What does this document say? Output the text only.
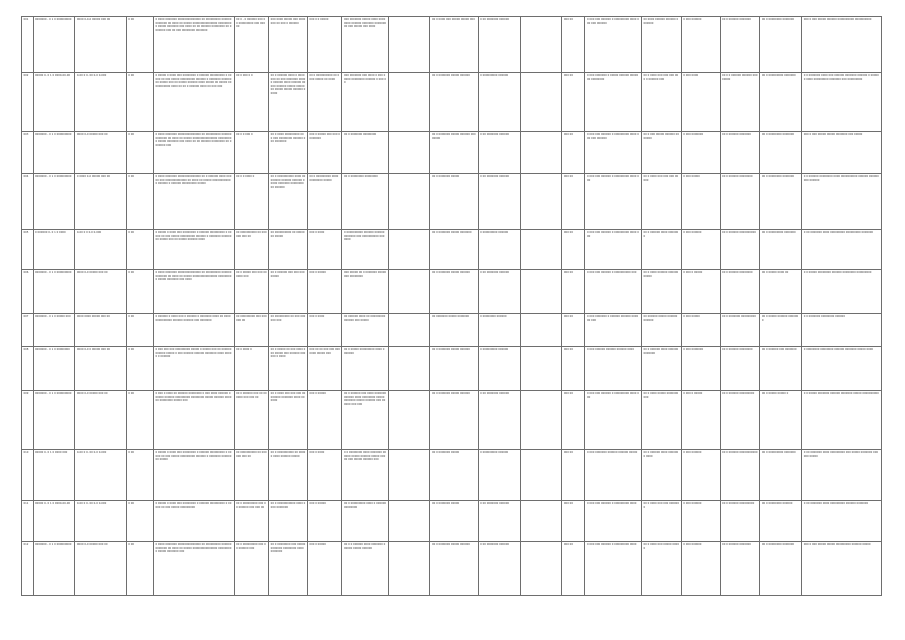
001	0000000 - 0 1 0 000000000	0000 0-0-0 00000 000 00	0 00	0 0000 0000000 00000000000000 00 000000000 0000000000000 00 0000 00 00000 000000000000000 000000000 00000 0000000 000 0000 00 00 000000 00000000 00 0000000 000 00 000 00000000 0000000	00 0 - 0 000000 000 00 000000000 000 000 00	000 0000 00000 000 0000 000 00 000 0 000000	000 0 0 00000	000 0000000 00000 0000 00000000 000000 0000000 000000000 000 00000 000 0000		00 0 0000 000 00000 00000 000	0 00 0000000 000000		000 00	0 000 000 000000 0 000000000 0000 000 000 000000	00 0000 000000 000000 0000000	0 000 000000	00 0 000000 0000000	00 0 00000000 0000000	000 0 000 00000 000000 0000000000 0000000000

002	00000 0- 0 1 0 0000-00-00	0-00 0 0- 00 0-0 0-000	0 00	0 00000 0 0000 000 00000000 0 000000 000000000 0 00000 00 000 00000 000000000 000000 0 0000000 00000000 00000 000 00 00000 000000 0000 00000 00 00000 00000000000 0000 00 00 0 000000 0000 00 000 000	00 0 000 0 0	00 0 000000 0000 0 0000000 00 000 0000000 00000 000000 0000 000000 00000 000000 00000 00000 00 00000 00000 000000 00000	00 0 0000000000 00 0 000 00000 00 0000	000 0000000 000 0000 0 000 00000 00000000 000000 0 000 00		00 0 0000000 00000 000000	0 000000000 000000		000 00	0 000 0000000 0 00000 000000 0000000 00000000	00 0 0000 000 000 000 000 0 000000 000	0 000 0000	00 0 0 000000 000000 00000000	00 0 000000000 0000000	0 0 0000000 0000 000 000000 0000000 000000 0 000000 0000 000000000 0000000 000 000000000

003	0000000 - 0 1 0 000000000	0000 0-0 00000 000 00	0 00	0 0000 0000000 00000000000000 00 000000000 0000000000000 00 0000 00 00000 000000000000000 000000000 00000 0000000 000 0000 00 00 000000 00000000 00 0000000 000	00 0 0 000 0	00 0 0000 000000000 00 0 000 00000000 000000 000 0000000	000 0 00000 000 000 00000000	00 0 0000000 00000000		00 0 0000000 00000 000000 00000000	0 00 0000000 000000		000 00	0 000 000 000000 0 000000000 0000 000 000 000000	00 0 000 00000 000000 0000000	0 000 0000000	00 0 000000 0000000	00 0 00000000 0000000	000 0 000 00000 00000 0000000 000 00000

004	0000000 - 0 1 0 000000000	0 0000 0-0 00000 000 00	0 00	0 0000 0000000 00000000000000 00 0 000000 0000 00000 000 0000000000000 00 0000 00 00000 000000000000 000000 0 000000 000000000 00000	00 0 0 0000 0	00 0 0000000000 0000 00000000 000000 000000 00000 0000000 00000000 00 000000	00 0 000000000 0000 00000000 00000	00 0 00000000 00000000		00 0 0000000 00000	0 00 0000000 000000		000 00	0 000 000 000000 0 000000000 0000 000	00 0 0000 000 000 000 00000	0 000 00000	00 0 000000 00000000	00 0 00000000 0000000	0 0 000000 00000000 0000 0000000000 000000 000000000 000000

005	0 000000 0- 0 1 0 0000	0-00 0 0 0-0 0-000	0 00	0 00000 0 0000 000 00000000 0 000000 000000000 0 00000 00 000 00000 000000000 000000 0 0000000 00000000 00000 000 00 00000 000000 0000	00 0000000000 00 000000 000 00	00 0000000000 00 0000000 00000	000 0 0000	0 0000000000 000000 000000 0000000 000 0000000000 000 0000		00 0 0000000 00000 0000000	0 000000000 000000		000 00	0 000 000 000000 0 000000000 0000 000	00 0 000000 0000 0000000	0 000 000000	00 0 000000 0000000000	00 0 000000000 0000000	0 00 0000000 0000 000000000 000000000 0000000

006	0000000 - 0 1 0 000000000	0000 0-0 00000 000 00	0 00	0 0000 0000000 00000000000000 00 000000000 0000000000000 00 0000 00 00000 000000000000000 000000000 00000 0000000 000 0000	00 0 00000 000 000 000000 000	00 0 000000 000 000 000 00000	000 0 00000	000 00000 00 0 0000000 00000000 00000000		00 0 0000000 00000 000000	0 00 0000000 000000		000 00	0 000 000 000000 0 0000000000 000	00 0 0000 000000 000000 00000	0 000 0 00000	00 0 000000 00000000	00 0 00000 0000 00	0 0 00000 00000000 000000 00000000 000000000

007	0000000 - 0 1 0 00000 000	0000 0000 00000 000 00	0 00	0 000000 0 0000 000 0 000000 0 0000000 0000 00 00000000000000 000000 000000 000 0000000	00 000000000 000 000000 00	00 000000000 00 000 000000 000	000 0 0000	00 000000 0000 00 000000000 000000 000 00000		00 0000000 00000 0000000	0 00000000 000000		000 00	0 000 0000000 0 000000 000000 0000 00 000	00 000000 00000 000000 000000	0 000 00000	00 0 0000000 000000000	00 0 00000 000000 0000000	0 0 0000000 00000000 000000

008	0000000 - 0 1 0 00000000	0000 0-0 0 00000 000 00	0 00	0 000 000 000 000000000 00000 0 00000 000 00 000000 000000 00000 0 000 000000 000000 0000000 0000 00000 0 000000	00 0 0000 0	00 0 00000 00 000 0000 000 00000 000 000000 000000 0 0000	000 00 00 000 000 0000000 00000 000	00 0 00000 000000000 0000 0 000000		00 0 0000000 00000 000000	0 000000000 000000		000 00	0 000 000000 000000 000000 0000	00 0 000000 0000 0000000000000	0 000 0000000	00 0 000000 00000000	00 0 000000 000 0000000	0 00000000 00000000 000000 0000000 00000 0000

009	0000000 - 0 1 0 000000000	0000 0-0 00000 000 00	0 00	0 000 0 0000 00 000000 00000000 0 000 0000 000000 000000 000000 000000000 00000000 00000 000000 0000 00 00000000 00000 000	00 0 000000 000 00 000000 000 000 00	00 0 0000 000 000 000 00 000000 0000000 0000 000000	000 0 00000	00 0 000000 000 0000 0000000 000000 0000 00000000 00000 0000000 00000 000000 000 000000 000 000		00 0 0000000 00000 000000	0 00 0000000 000000		000 00	0 000 000 000000 0 000000000 0000 000	00 0 0000 00000 0000000000	0 000 0 00000	00 0 000000 000000000	00 0 00000 00000 0	0 0 00000 0000000 000000 0000000 00000 0000000000

010	00000 0- 0 1 0 0000 000	0-00 0 0- 00 0-0 0-000	0 00	0 00000 0 0000 000 00000000 0 000000 000000000 0 00000 00 000 00000 000000000 000000 0 0000000 00000000 00000	00 0000000000 00 000000 000 00	00 0 0000000000 00 00000 0000 000000 00000	000 0 0000	0 0 00000000 0000 0000000 000000 00000 000000 00000 00000 000 00000 000000 000		00 0 0000000 00000	0 000000000 000000		000 00	0 000 0000000 000000 000000 00000	00 0 000000 0000 0000000 0000	0 000 000000	00 0 000000 00000000000	00 0 000000000 0000000	0 00 0000000 0000 000000000 000 00000 0000000 000000 00000

011	00000 0- 0 1 0 0000-00-00	0-00 0 0- 00 0-0 0-000	0 00	0 00000 0 0000 000 00000000 0 000000 000000000 0 00000 00 000 00000 000000000	00 0 000000000 000 00 000000 000 000 00	00 0 00000000000 0000 0000 0000000	000 0 00000	00 0 000000000 0000 0 000000 00000000		00 0 0000000 00000	0 00 0000000 000000		000 00	0 000 000 000000 0 000000000 0000	00 0 0000 000 000 0000000	0 000 000000	00 0 000000 000000000	00 0 00000000 000000	0 00 0000000 0000 000000000 000000 0000000

012	0000000 - 0 1 0 000000000	0000 0-0 00000 000 00	0 00	0 0000 0000000 00000000000000 00 000000000 0000000000000 00 0000 00 00000 000000000000000 000000000 00000 0000000 000	00 0 000000000 000 00 000000 000	00 0 00000000 000 00000 0000000 00000000 0000 0000000	000 0 00000	00 0 0 000000 0000 0000000 000000 00000 000000		00 0 0000000 00000 000000	0 00 0000000 000000		000 00	0 000 000 000000 0 000000000 0000	00 0 0000 000 00000 00000	0 000 000000	00 0 000000 0000000	00 0 00000000 0000000	000 0 000 00000 00000 000000000 000000 00000
